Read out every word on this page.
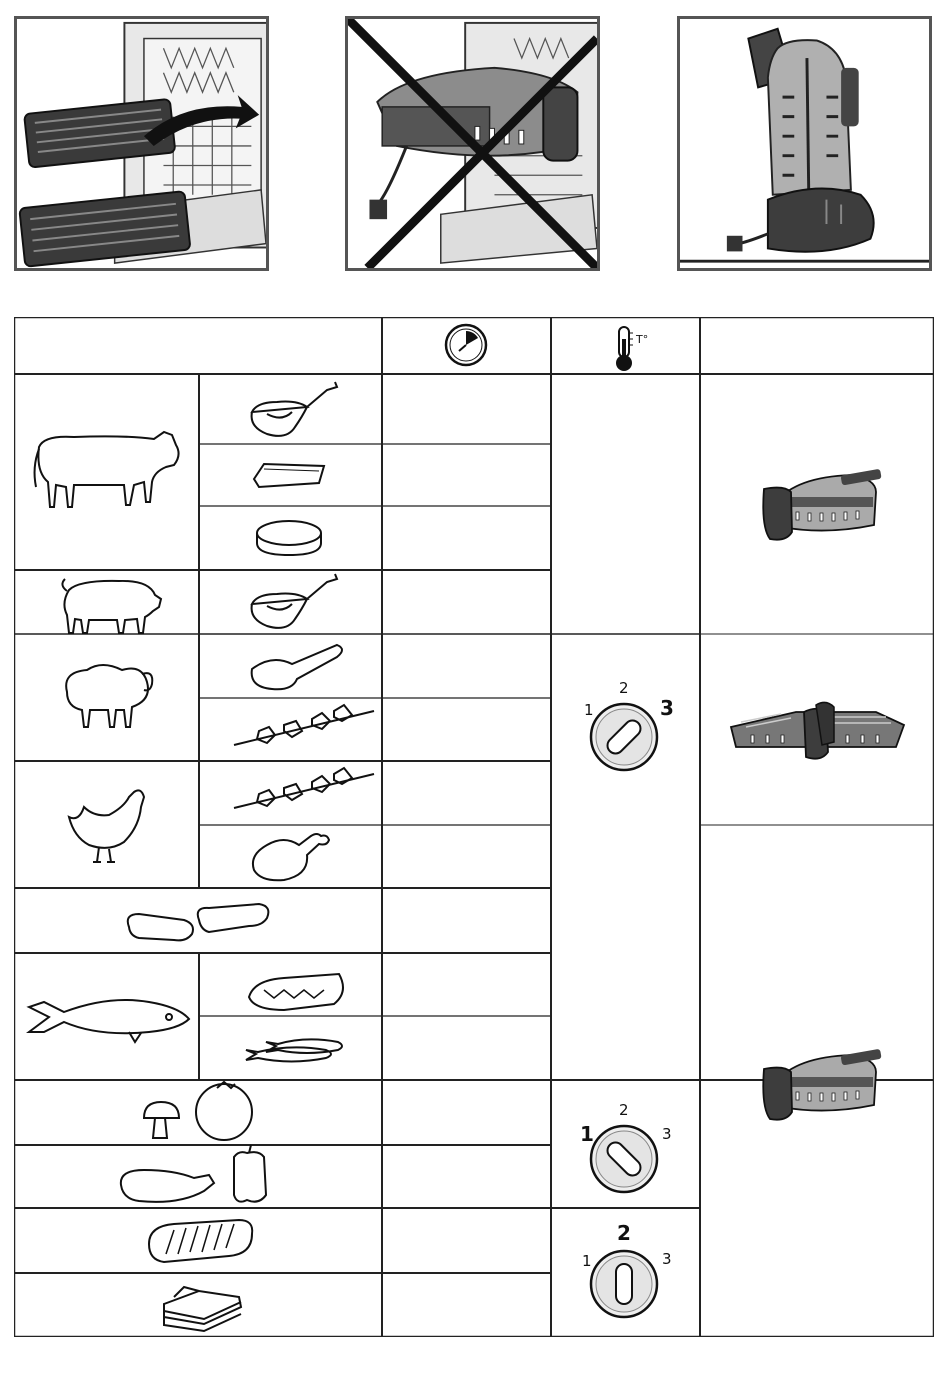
T°
1
2
3
1
2
3
1
2
3
